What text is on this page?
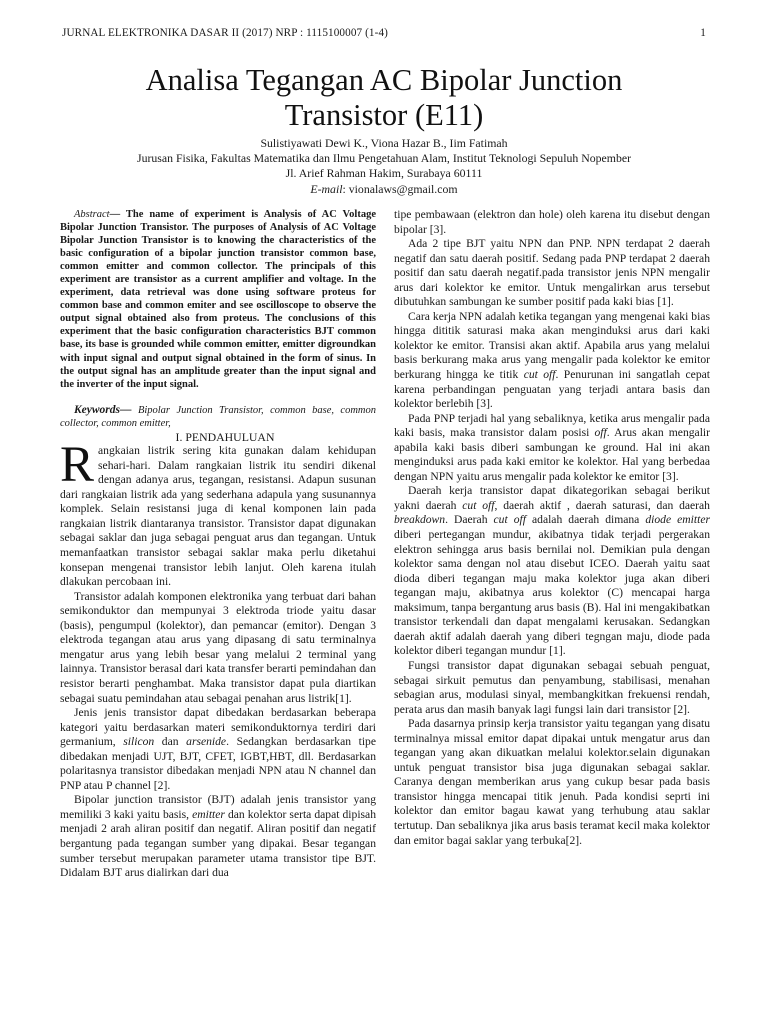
JURNAL ELEKTRONIKA DASAR II (2017) NRP : 1115100007 (1-4)	1
Analisa Tegangan AC Bipolar Junction
Transistor (E11)
Sulistiyawati Dewi K., Viona Hazar B., Iim Fatimah
Jurusan Fisika, Fakultas Matematika dan Ilmu Pengetahuan Alam, Institut Teknologi Sepuluh Nopember
Jl. Arief Rahman Hakim, Surabaya 60111
E-mail: vionalaws@gmail.com

Abstract— The name of experiment is Analysis of AC Voltage Bipolar Junction Transistor. The purposes of Analysis of AC Voltage Bipolar Junction Transistor is to knowing the characteristics of the basic configuration of a bipolar junction transistor common base, common emitter and common collector. The principals of this experiment are transistor as a current amplifier and voltage. In the experiment, data retrieval was done using software proteus for common base and common emiter and see oscilloscope to observe the output signal obtained also from proteus. The conclusions of this experiment that the basic configuration characteristics BJT common base, its base is grounded while common emitter, emitter digroundkan with input signal and output signal obtained in the form of sinus. In the output signal has an amplitude greater than the input signal and the inverter of the input signal.

Keywords— Bipolar Junction Transistor, common base, common collector, common emitter,

I. PENDAHULUAN

Rangkaian listrik sering kita gunakan dalam kehidupan sehari-hari. Dalam rangkaian listrik itu sendiri dikenal dengan adanya arus, tegangan, resistansi. Adapun susunan dari rangkaian listrik ada yang sederhana adapula yang susunannya komplek. Selain resistansi juga di kenal komponen lain pada rangkaian listrik diantaranya transistor. Transistor dapat digunakan sebagai saklar dan juga sebagai penguat arus dan tegangan. Untuk memanfaatkan transistor sebagai saklar maka perlu diketahui konsepan mengenai transistor lebih lanjut. Oleh karena itulah dlakukan percobaan ini.

Transistor adalah komponen elektronika yang terbuat dari bahan semikonduktor dan mempunyai 3 elektroda triode yaitu dasar (basis), pengumpul (kolektor), dan pemancar (emitor). Dengan 3 elektroda tegangan atau arus yang dipasang di satu terminalnya mengatur arus yang lebih besar yang melalui 2 terminal yang lainnya. Transistor berasal dari kata transfer berarti pemindahan dan resistor berarti penghambat. Maka transistor dapat pula diartikan sebagai suatu pemindahan atau sebagai penahan arus listrik[1].

Jenis jenis transistor dapat dibedakan berdasarkan beberapa kategori yaitu berdasarkan materi semikonduktornya terdiri dari germanium, silicon dan arsenide. Sedangkan berdasarkan tipe dibedakan menjadi UJT, BJT, CFET, IGBT,HBT, dll. Berdasarkan polaritasnya transistor dibedakan menjadi NPN atau N channel dan PNP atau P channel [2].

Bipolar junction transistor (BJT) adalah jenis transistor yang memiliki 3 kaki yaitu basis, emitter dan kolektor serta dapat dipisah menjadi 2 arah aliran positif dan negatif. Aliran positif dan negatif bergantung pada tegangan sumber yang dipakai. Besar tegangan sumber tersebut merupakan parameter utama transistor tipe BJT. Didalam BJT arus dialirkan dari dua

tipe pembawaan (elektron dan hole) oleh karena itu disebut dengan bipolar [3].

Ada 2 tipe BJT yaitu NPN dan PNP. NPN terdapat 2 daerah negatif dan satu daerah positif. Sedang pada PNP terdapat 2 daerah positif dan satu daerah negatif.pada transistor jenis NPN mengalir arus dari kolektor ke emitor. Untuk mengalirkan arus tersebut dibutuhkan sambungan ke sumber positif pada kaki bias [1].

Cara kerja NPN adalah ketika tegangan yang mengenai kaki bias hingga dititik saturasi maka akan menginduksi arus dari kaki kolektor ke emitor. Transisi akan aktif. Apabila arus yang melalui basis berkurang maka arus yang mengalir pada kolektor ke emitor berkurang hingga ke titik cut off. Penurunan ini sangatlah cepat karena perbandingan penguatan yang terjadi antara basis dan kolektor berlebih [3].

Pada PNP terjadi hal yang sebaliknya, ketika arus mengalir pada kaki basis, maka transistor dalam posisi off. Arus akan mengalir apabila kaki basis diberi sambungan ke ground. Hal ini akan menginduksi arus pada kaki emitor ke kolektor. Hal yang berbedaa dengan NPN yaitu arus mengalir pada kolektor ke emitor [3].

Daerah kerja transistor dapat dikategorikan sebagai berikut yakni daerah cut off, daerah aktif , daerah saturasi, dan daerah breakdown. Daerah cut off adalah daerah dimana diode emitter diberi pertegangan mundur, akibatnya tidak terjadi pergerakan elektron sehingga arus basis bernilai nol. Demikian pula dengan kolektor sama dengan nol atau disebut ICEO. Daerah yaitu saat dioda diberi tegangan maju maka kolektor juga akan diberi tegangan maju, akibatnya arus kolektor (C) mencapai harga maksimum, tanpa bergantung arus basis (B). Hal ini mengakibatkan transistor terkendali dan dapat mengalami kerusakan. Sedangkan daerah aktif adalah daerah yang diberi tegngan maju, diode pada kolektor diberi tegangan mundur [1].

Fungsi transistor dapat digunakan sebagai sebuah penguat, sebagai sirkuit pemutus dan penyambung, stabilisasi, menahan sebagian arus, modulasi sinyal, membangkitkan frekuensi rendah, perata arus dan masih banyak lagi fungsi lain dari transistor [2].

Pada dasarnya prinsip kerja transistor yaitu tegangan yang disatu terminalnya missal emitor dapat dipakai untuk mengatur arus dan tegangan yang akan dikuatkan melalui kolektor.selain digunakan untuk penguat transistor bisa juga digunakan sebagai saklar. Caranya dengan memberikan arus yang cukup besar pada basis transistor hingga mencapai titik jenuh. Pada kondisi seprti ini kolektor dan emitor bagau kawat yang terhubung atau saklar tertutup. Dan sebaliknya jika arus basis teramat kecil maka kolektor dan emitor bagai saklar yang terbuka[2].
